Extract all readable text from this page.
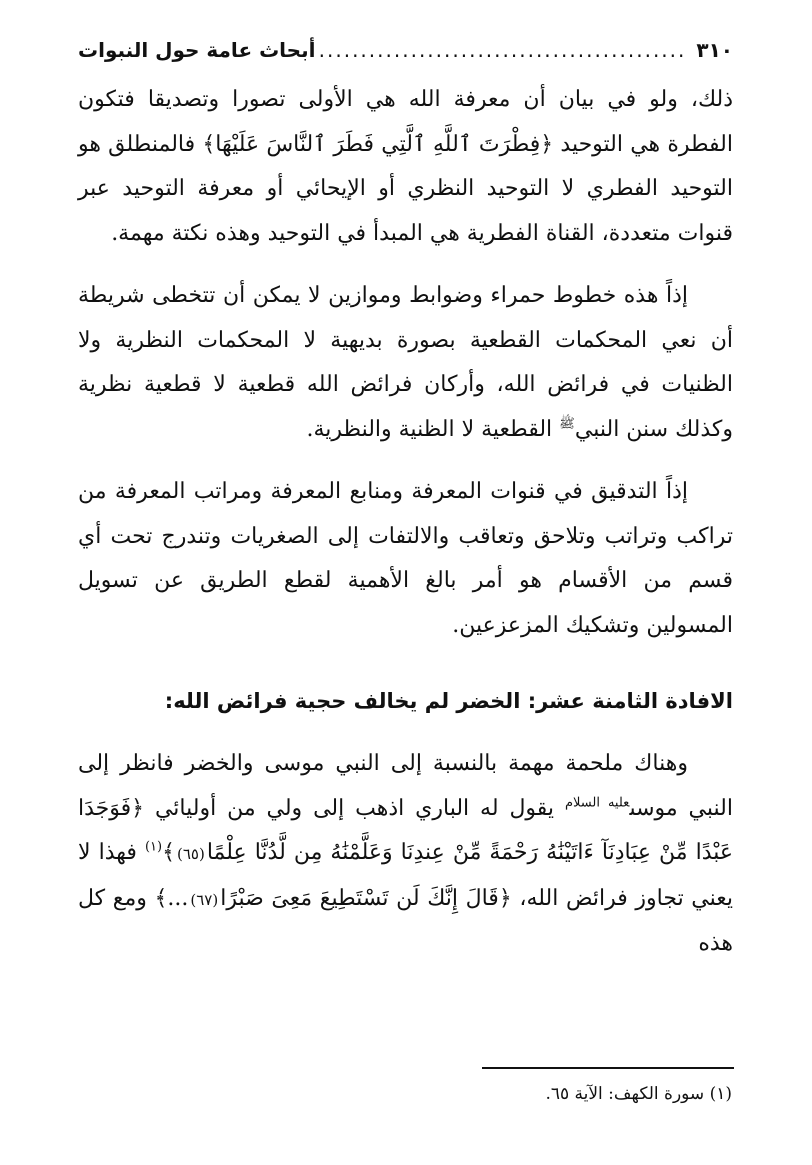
٣١٠
.....
أبحاث عامة حول النبوات

ذلك، ولو في بيان أن معرفة الله هي الأولى تصورا وتصديقا فتكون الفطرة هي التوحيد ﴿فِطْرَتَ ٱللَّهِ ٱلَّتِي فَطَرَ ٱلنَّاسَ عَلَيْهَا﴾ فالمنطلق هو التوحيد الفطري لا التوحيد النظري أو الإيحائي أو معرفة التوحيد عبر قنوات متعددة، القناة الفطرية هي المبدأ في التوحيد وهذه نكتة مهمة.

إذاً هذه خطوط حمراء وضوابط وموازين لا يمكن أن تتخطى شريطة أن نعي المحكمات القطعية بصورة بديهية لا المحكمات النظرية ولا الظنيات في فرائض الله، وأركان فرائض الله قطعية لا قطعية نظرية وكذلك سنن النبي$^ﷺ$ القطعية لا الظنية والنظرية.

إذاً التدقيق في قنوات المعرفة ومنابع المعرفة ومراتب المعرفة من تراكب وتراتب وتلاحق وتعاقب والالتفات إلى الصغريات وتندرج تحت أي قسم من الأقسام هو أمر بالغ الأهمية لقطع الطريق عن تسويل المسولين وتشكيك المزعزعين.

الافادة الثامنة عشر: الخضر لم يخالف حجية فرائض الله:

وهناك ملحمة مهمة بالنسبة إلى النبي موسى والخضر فانظر إلى النبي موسى$^{عليه السلام}$ يقول له الباري اذهب إلى ولي من أوليائي ﴿فَوَجَدَا عَبْدًا مِّنْ عِبَادِنَآ ءَاتَيْنَٰهُ رَحْمَةً مِّنْ عِندِنَا وَعَلَّمْنَٰهُ مِن لَّدُنَّا عِلْمًا(٦٥)﴾$^{(١)}$ فهذا لا يعني تجاوز فرائض الله، ﴿قَالَ إِنَّكَ لَن تَسْتَطِيعَ مَعِىَ صَبْرًا(٦٧)...﴾ ومع كل هذه

(١) سورة الكهف: الآية ٦٥.
